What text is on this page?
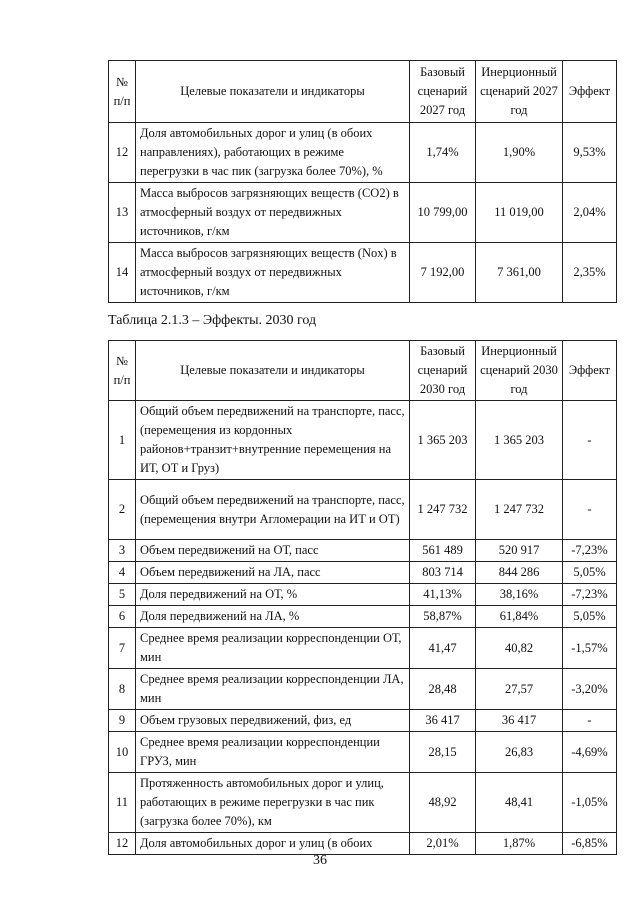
№ п/п	Целевые показатели и индикаторы	Базовый сценарий 2027 год	Инерционный сценарий 2027 год	Эффект
12	Доля автомобильных дорог и улиц (в обоих направлениях), работающих в режиме перегрузки в час пик (загрузка более 70%), %	1,74%	1,90%	9,53%
13	Масса выбросов загрязняющих веществ (CO2) в атмосферный воздух от передвижных источников, г/км	10 799,00	11 019,00	2,04%
14	Масса выбросов загрязняющих веществ (Nox) в атмосферный воздух от передвижных источников, г/км	7 192,00	7 361,00	2,35%
Таблица 2.1.3 – Эффекты. 2030 год
№ п/п	Целевые показатели и индикаторы	Базовый сценарий 2030 год	Инерционный сценарий 2030 год	Эффект
1	Общий объем передвижений на транспорте, пасс, (перемещения из кордонных районов+транзит+внутренние перемещения на ИТ, ОТ и Груз)	1 365 203	1 365 203	-
2	Общий объем передвижений на транспорте, пасс, (перемещения внутри Агломерации на ИТ и ОТ)	1 247 732	1 247 732	-
3	Объем передвижений на ОТ, пасс	561 489	520 917	-7,23%
4	Объем передвижений на ЛА, пасс	803 714	844 286	5,05%
5	Доля передвижений на ОТ, %	41,13%	38,16%	-7,23%
6	Доля передвижений на ЛА, %	58,87%	61,84%	5,05%
7	Среднее время реализации корреспонденции ОТ, мин	41,47	40,82	-1,57%
8	Среднее время реализации корреспонденции ЛА, мин	28,48	27,57	-3,20%
9	Объем грузовых передвижений, физ, ед	36 417	36 417	-
10	Среднее время реализации корреспонденции ГРУЗ, мин	28,15	26,83	-4,69%
11	Протяженность автомобильных дорог и улиц, работающих в режиме перегрузки в час пик (загрузка более 70%), км	48,92	48,41	-1,05%
12	Доля автомобильных дорог и улиц (в обоих	2,01%	1,87%	-6,85%
36
